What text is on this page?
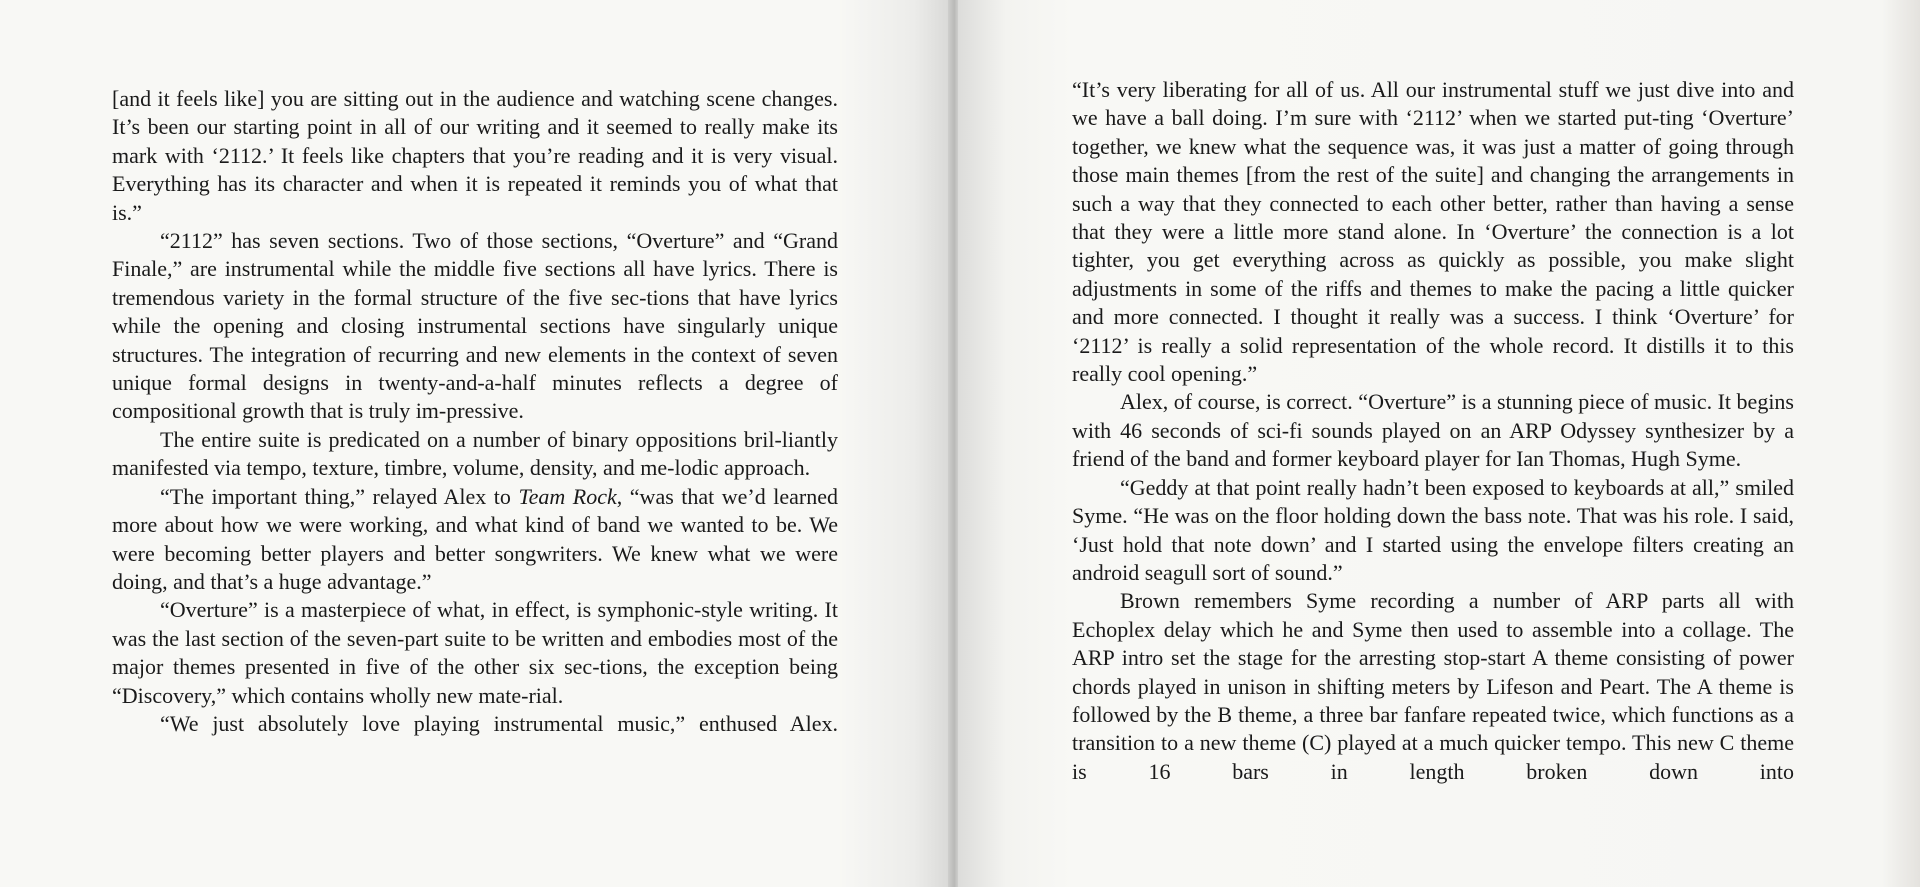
[and it feels like] you are sitting out in the audience and watching scene changes. It’s been our starting point in all of our writing and it seemed to really make its mark with ‘2112.’ It feels like chapters that you’re reading and it is very visual. Everything has its character and when it is repeated it reminds you of what that is.”

“2112” has seven sections. Two of those sections, “Overture” and “Grand Finale,” are instrumental while the middle five sections all have lyrics. There is tremendous variety in the formal structure of the five sec-tions that have lyrics while the opening and closing instrumental sections have singularly unique structures. The integration of recurring and new elements in the context of seven unique formal designs in twenty-and-a-half minutes reflects a degree of compositional growth that is truly im-pressive.

The entire suite is predicated on a number of binary oppositions bril-liantly manifested via tempo, texture, timbre, volume, density, and me-lodic approach.

“The important thing,” relayed Alex to Team Rock, “was that we’d learned more about how we were working, and what kind of band we wanted to be. We were becoming better players and better songwriters. We knew what we were doing, and that’s a huge advantage.”

“Overture” is a masterpiece of what, in effect, is symphonic-style writing. It was the last section of the seven-part suite to be written and embodies most of the major themes presented in five of the other six sec-tions, the exception being “Discovery,” which contains wholly new mate-rial.

“We just absolutely love playing instrumental music,” enthused Alex.

“It’s very liberating for all of us. All our instrumental stuff we just dive into and we have a ball doing. I’m sure with ‘2112’ when we started put-ting ‘Overture’ together, we knew what the sequence was, it was just a matter of going through those main themes [from the rest of the suite] and changing the arrangements in such a way that they connected to each other better, rather than having a sense that they were a little more stand alone. In ‘Overture’ the connection is a lot tighter, you get everything across as quickly as possible, you make slight adjustments in some of the riffs and themes to make the pacing a little quicker and more connected. I thought it really was a success. I think ‘Overture’ for ‘2112’ is really a solid representation of the whole record. It distills it to this really cool opening.”

Alex, of course, is correct. “Overture” is a stunning piece of music. It begins with 46 seconds of sci-fi sounds played on an ARP Odyssey synthesizer by a friend of the band and former keyboard player for Ian Thomas, Hugh Syme.

“Geddy at that point really hadn’t been exposed to keyboards at all,” smiled Syme. “He was on the floor holding down the bass note. That was his role. I said, ‘Just hold that note down’ and I started using the envelope filters creating an android seagull sort of sound.”

Brown remembers Syme recording a number of ARP parts all with Echoplex delay which he and Syme then used to assemble into a collage. The ARP intro set the stage for the arresting stop-start A theme consisting of power chords played in unison in shifting meters by Lifeson and Peart. The A theme is followed by the B theme, a three bar fanfare repeated twice, which functions as a transition to a new theme (C) played at a much quicker tempo. This new C theme is 16 bars in length broken down into
